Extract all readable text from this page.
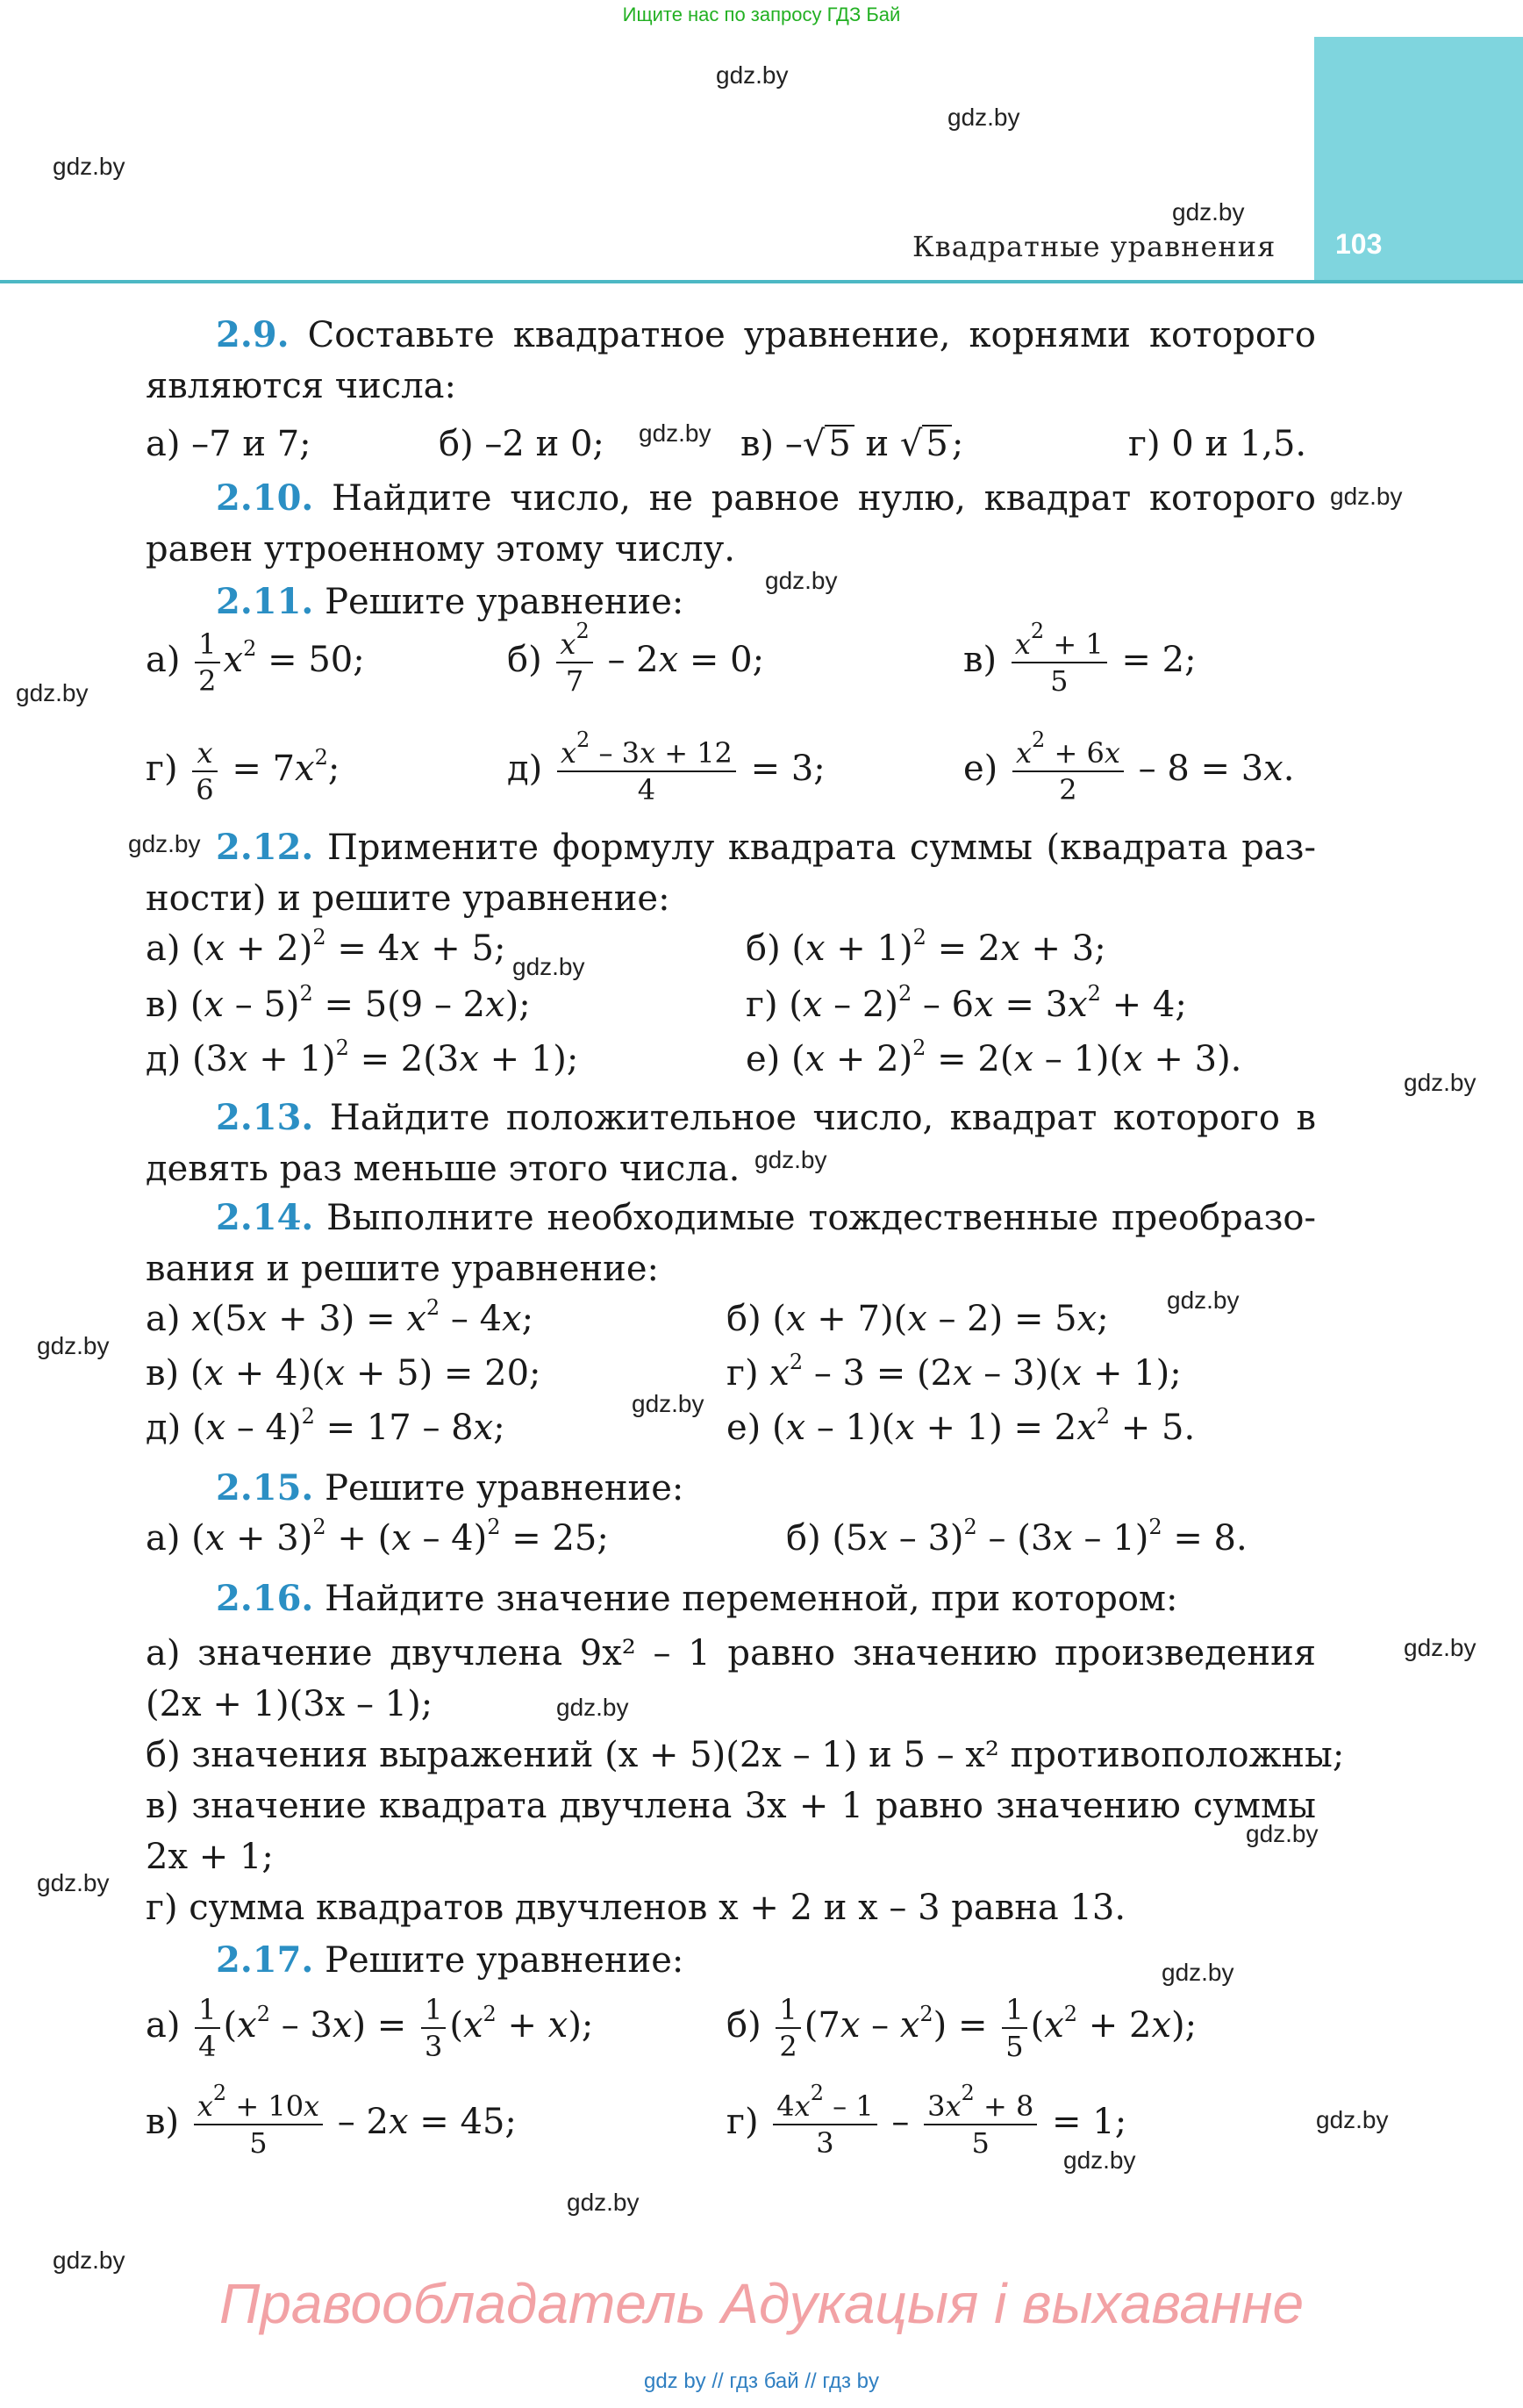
Ищите нас по запросу ГДЗ Бай
103
Квадратные уравнения
gdz.by
gdz.by
gdz.by
gdz.by
gdz.by
gdz.by
gdz.by
gdz.by
gdz.by
gdz.by
gdz.by
gdz.by
gdz.by
gdz.by
gdz.by
gdz.by
gdz.by
gdz.by
gdz.by
gdz.by
gdz.by
gdz.by
gdz.by
gdz.by
2.9. Составьте квадратное уравнение, корнями которого
являются числа:
а) –7 и 7;	б) –2 и 0;	в) –√ 5 и √ 5 ;	г) 0 и 1,5.
2.10. Найдите число, не равное нулю, квадрат которого
равен утроенному этому числу.
2.11. Решите уравнение:
$а) \frac{1}{2} x^2 = 50$;	$б) \frac{x^2}{7} - 2x = 0$;	$в) \frac{x^2 + 1}{5} = 2$;
$г) \frac{x}{6} = 7x^2$;	$д) \frac{x^2 - 3x + 12}{4} = 3$;	$е) \frac{x^2 + 6x}{2} - 8 = 3x$.
2.12. Примените формулу квадрата суммы (квадрата раз-
ности) и решите уравнение:
а) $(x + 2)^2 = 4x + 5$;	б) $(x + 1)^2 = 2x + 3$;
в) (x – 5)$^2$ = 5(9 – 2x);	г) $(x - 2)^2 - 6x = 3x^2 + 4$;
д) $(3x + 1)^2 = 2(3x + 1)$;	е) $(x + 2)^2 = 2(x - 1)(x + 3)$.
2.13. Найдите положительное число, квадрат которого в
девять раз меньше этого числа.
2.14. Выполните необходимые тождественные преобразо-
вания и решите уравнение:
а) $x(5x + 3) = x^2 - 4x$;	б) (x + 7)(x – 2) = 5x;
в) (x + 4)(x + 5) = 20;	г) $x^2 - 3 = (2x - 3)(x + 1)$;
д) (x – 4)$^2$ = 17 – 8x;	е) $(x - 1)(x + 1) = 2x^2 + 5$.
2.15. Решите уравнение:
а) $(x + 3)^2 + (x - 4)^2 = 25$;	б) (5x – 3)$^2$ – (3x – 1)$^2$ = 8.
2.16. Найдите значение переменной, при котором:
а) значение двучлена 9x² – 1 равно значению произведения
(2x + 1)(3x – 1);
б) значения выражений (x + 5)(2x – 1) и 5 – x² противоположны;
в) значение квадрата двучлена 3x + 1 равно значению суммы
2x + 1;
г) сумма квадратов двучленов x + 2 и x – 3 равна 13.
2.17. Решите уравнение:
$а) \frac{1}{4} (x^2 - 3x) = \frac{1}{3} (x^2 + x)$;	$б) \frac{1}{2} (7x - x^2) = \frac{1}{5} (x^2 + 2x)$;
$в) \frac{x^2 + 10x}{5} - 2x = 45$;	$г) \frac{4x^2 - 1}{3} - \frac{3x^2 + 8}{5} = 1$;
Правообладатель Адукацыя і выхаванне
gdz by // гдз бай // гдз by
